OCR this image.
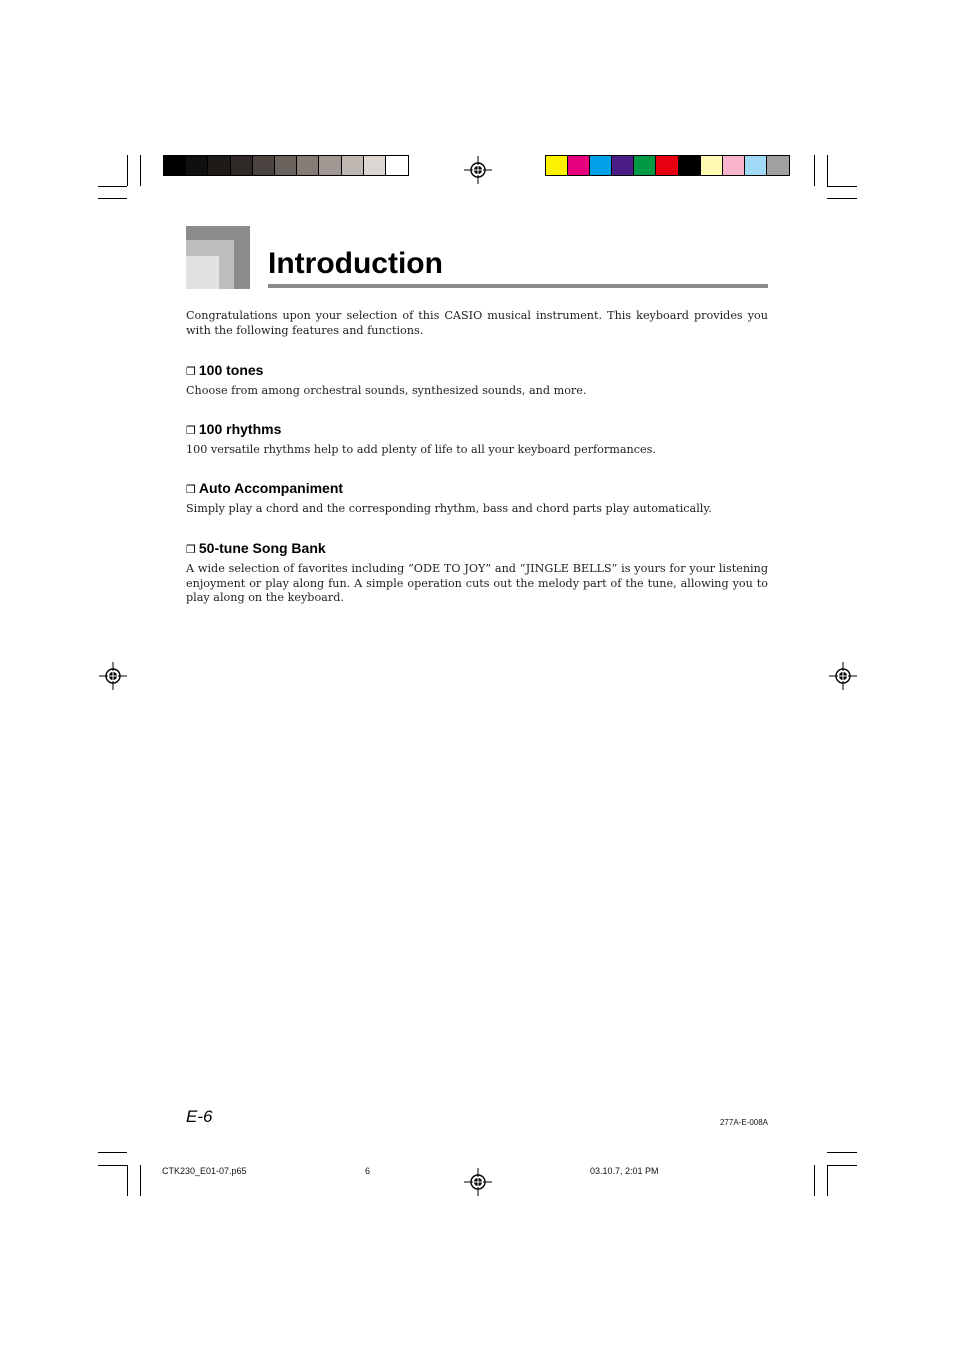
Introduction

Congratulations upon your selection of this CASIO musical instrument. This keyboard provides you with the following features and functions.

❒ 100 tones

Choose from among orchestral sounds, synthesized sounds, and more.

❒ 100 rhythms

100 versatile rhythms help to add plenty of life to all your keyboard performances.

❒ Auto Accompaniment

Simply play a chord and the corresponding rhythm, bass and chord parts play automatically.

❒ 50-tune Song Bank

A wide selection of favorites including “ODE TO JOY” and “JINGLE BELLS” is yours for your listening enjoyment or play along fun. A simple operation cuts out the melody part of the tune, allowing you to play along on the keyboard.

E-6	277A-E-008A
CTK230_E01-07.p65	6	03.10.7, 2:01 PM
